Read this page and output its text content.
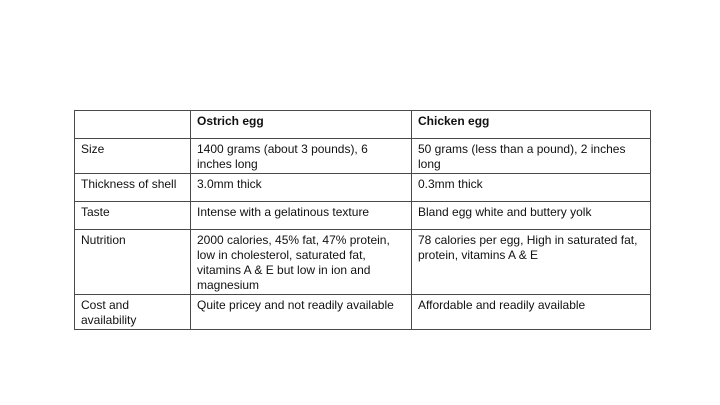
	Ostrich egg	Chicken egg
Size	1400 grams (about 3 pounds), 6 inches long	50 grams (less than a pound), 2 inches long
Thickness of shell	3.0mm thick	0.3mm thick
Taste	Intense with a gelatinous texture	Bland egg white and buttery yolk
Nutrition	2000 calories, 45% fat, 47% protein, low in cholesterol, saturated fat, vitamins A & E but low in ion and magnesium	78 calories per egg, High in saturated fat, protein, vitamins A & E
Cost and availability	Quite pricey and not readily available	Affordable and readily available
